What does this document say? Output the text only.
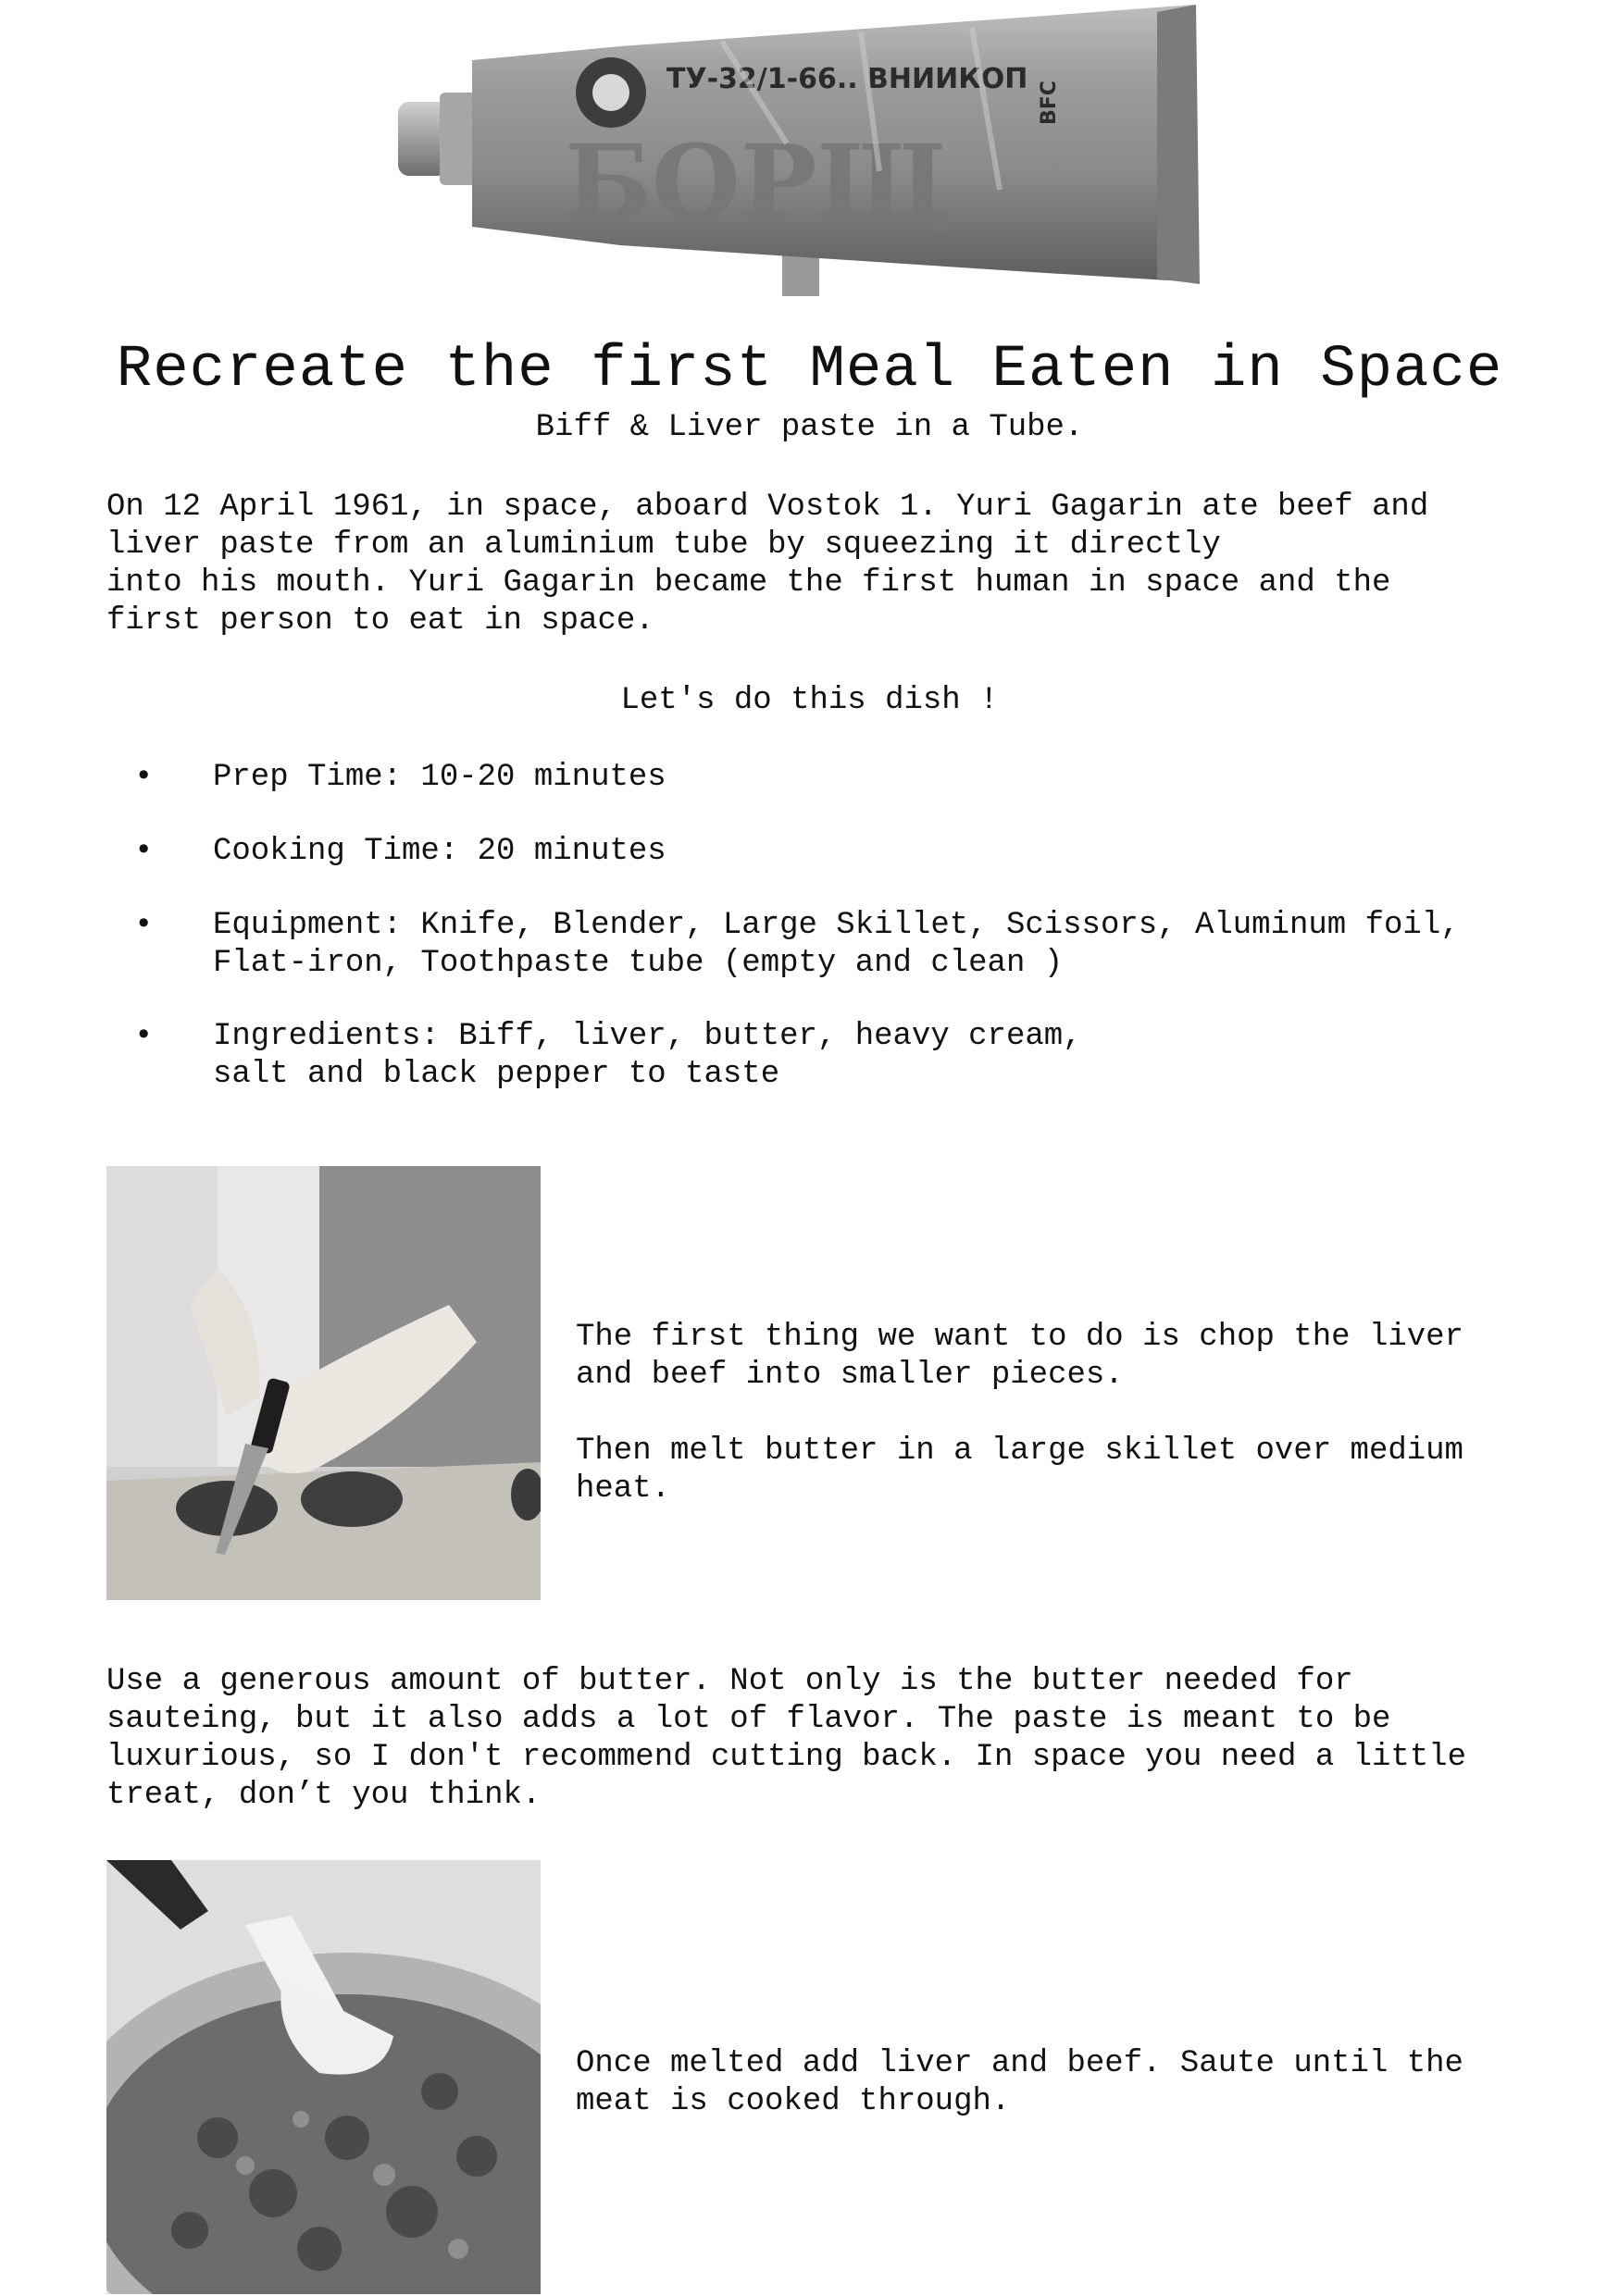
ТУ-32/1-66.. ВНИИКОП
БОРЩ
BFC
Recreate the first Meal Eaten in Space
Biff & Liver paste in a Tube.
On 12 April 1961, in space, aboard Vostok 1. Yuri Gagarin ate beef and
liver paste from an aluminium tube by squeezing it directly
into his mouth. Yuri Gagarin became the first human in space and the
first person to eat in space.
Let's do this dish !
• Prep Time: 10-20 minutes
• Cooking Time: 20 minutes
• Equipment: Knife, Blender, Large Skillet, Scissors, Aluminum foil,
Flat-iron, Toothpaste tube (empty and clean )
• Ingredients: Biff, liver, butter, heavy cream,
salt and black pepper to taste
The first thing we want to do is chop the liver
and beef into smaller pieces.

Then melt butter in a large skillet over medium
heat.
Use a generous amount of butter. Not only is the butter needed for
sauteing, but it also adds a lot of flavor. The paste is meant to be
luxurious, so I don't recommend cutting back. In space you need a little
treat, don’t you think.
Once melted add liver and beef. Saute until the
meat is cooked through.
